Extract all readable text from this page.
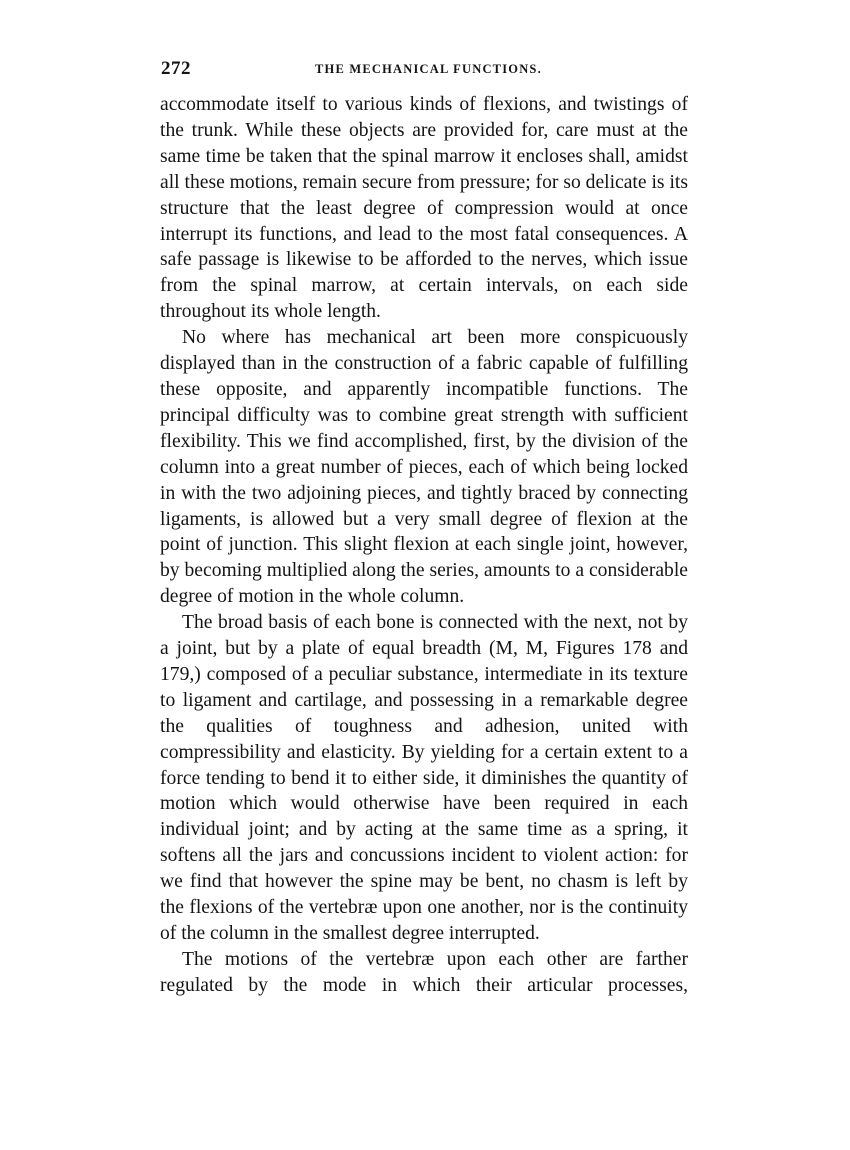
272	THE MECHANICAL FUNCTIONS.

accommodate itself to various kinds of flexions, and twistings of the trunk. While these objects are provided for, care must at the same time be taken that the spinal marrow it encloses shall, amidst all these motions, remain secure from pressure; for so delicate is its structure that the least degree of compression would at once interrupt its functions, and lead to the most fatal consequences. A safe passage is likewise to be afforded to the nerves, which issue from the spinal marrow, at certain intervals, on each side throughout its whole length.

No where has mechanical art been more conspicuously displayed than in the construction of a fabric capable of fulfilling these opposite, and apparently incompatible functions. The principal difficulty was to combine great strength with sufficient flexibility. This we find accomplished, first, by the division of the column into a great number of pieces, each of which being locked in with the two adjoining pieces, and tightly braced by connecting ligaments, is allowed but a very small degree of flexion at the point of junction. This slight flexion at each single joint, however, by becoming multiplied along the series, amounts to a considerable degree of motion in the whole column.

The broad basis of each bone is connected with the next, not by a joint, but by a plate of equal breadth (M, M, Figures 178 and 179,) composed of a peculiar substance, intermediate in its texture to ligament and cartilage, and possessing in a remarkable degree the qualities of toughness and adhesion, united with compressibility and elasticity. By yielding for a certain extent to a force tending to bend it to either side, it diminishes the quantity of motion which would otherwise have been required in each individual joint; and by acting at the same time as a spring, it softens all the jars and concussions incident to violent action: for we find that however the spine may be bent, no chasm is left by the flexions of the vertebræ upon one another, nor is the continuity of the column in the smallest degree interrupted.

The motions of the vertebræ upon each other are farther regulated by the mode in which their articular processes,
